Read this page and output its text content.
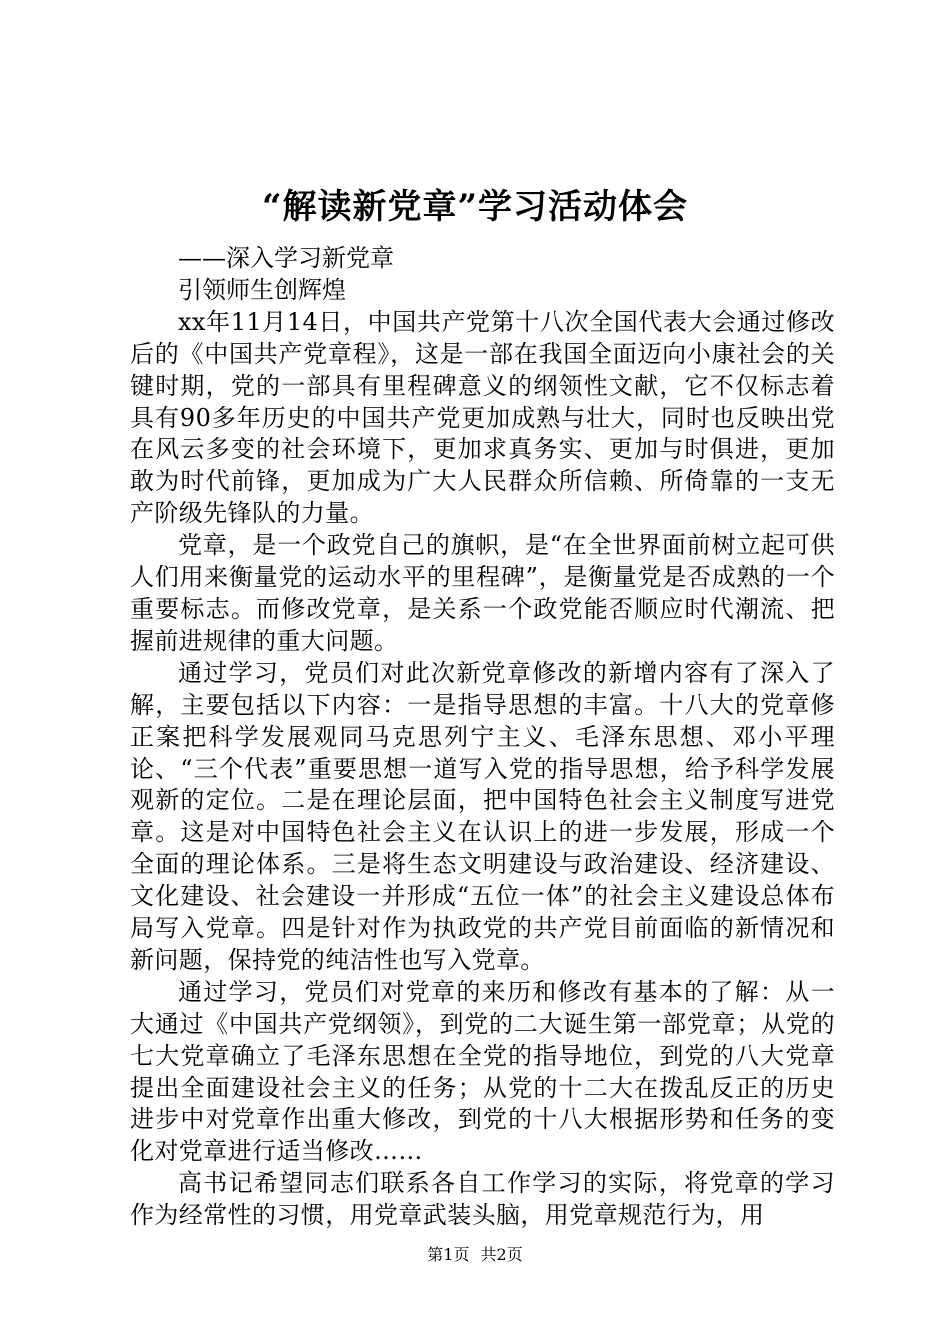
“解读新党章”学习活动体会

——深入学习新党章

引领师生创辉煌

xx年11月14日，中国共产党第十八次全国代表大会通过修改后的《中国共产党章程》，这是一部在我国全面迈向小康社会的关键时期，党的一部具有里程碑意义的纲领性文献，它不仅标志着具有90多年历史的中国共产党更加成熟与壮大，同时也反映出党在风云多变的社会环境下，更加求真务实、更加与时俱进，更加敢为时代前锋，更加成为广大人民群众所信赖、所倚靠的一支无产阶级先锋队的力量。

党章，是一个政党自己的旗帜，是“在全世界面前树立起可供人们用来衡量党的运动水平的里程碑”，是衡量党是否成熟的一个重要标志。而修改党章，是关系一个政党能否顺应时代潮流、把握前进规律的重大问题。

通过学习，党员们对此次新党章修改的新增内容有了深入了解，主要包括以下内容：一是指导思想的丰富。十八大的党章修正案把科学发展观同马克思列宁主义、毛泽东思想、邓小平理论、“三个代表”重要思想一道写入党的指导思想，给予科学发展观新的定位。二是在理论层面，把中国特色社会主义制度写进党章。这是对中国特色社会主义在认识上的进一步发展，形成一个全面的理论体系。三是将生态文明建设与政治建设、经济建设、文化建设、社会建设一并形成“五位一体”的社会主义建设总体布局写入党章。四是针对作为执政党的共产党目前面临的新情况和新问题，保持党的纯洁性也写入党章。

通过学习，党员们对党章的来历和修改有基本的了解：从一大通过《中国共产党纲领》，到党的二大诞生第一部党章；从党的七大党章确立了毛泽东思想在全党的指导地位，到党的八大党章提出全面建设社会主义的任务；从党的十二大在拨乱反正的历史进步中对党章作出重大修改，到党的十八大根据形势和任务的变化对党章进行适当修改……

高书记希望同志们联系各自工作学习的实际，将党章的学习作为经常性的习惯，用党章武装头脑，用党章规范行为，用

第1页 共2页
